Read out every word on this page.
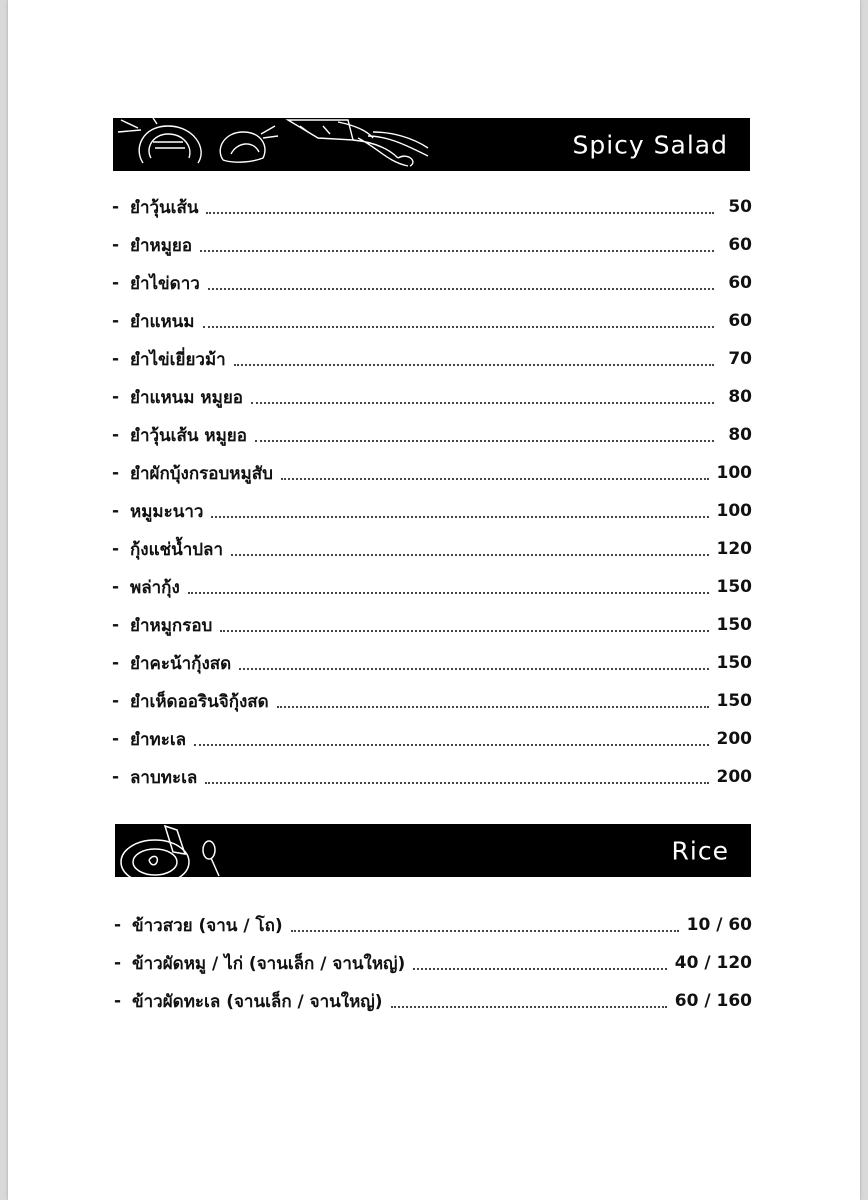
Spicy Salad
- ยำวุ้นเส้น	50
- ยำหมูยอ	60
- ยำไข่ดาว	60
- ยำแหนม	60
- ยำไข่เยี่ยวม้า	70
- ยำแหนม หมูยอ	80
- ยำวุ้นเส้น หมูยอ	80
- ยำผักบุ้งกรอบหมูสับ	100
- หมูมะนาว	100
- กุ้งแช่น้ำปลา	120
- พล่ากุ้ง	150
- ยำหมูกรอบ	150
- ยำคะน้ากุ้งสด	150
- ยำเห็ดออรินจิกุ้งสด	150
- ยำทะเล	200
- ลาบทะเล	200
Rice
- ข้าวสวย (จาน / โถ)	10 / 60
- ข้าวผัดหมู / ไก่ (จานเล็ก / จานใหญ่)	40 / 120
- ข้าวผัดทะเล (จานเล็ก / จานใหญ่)	60 / 160
